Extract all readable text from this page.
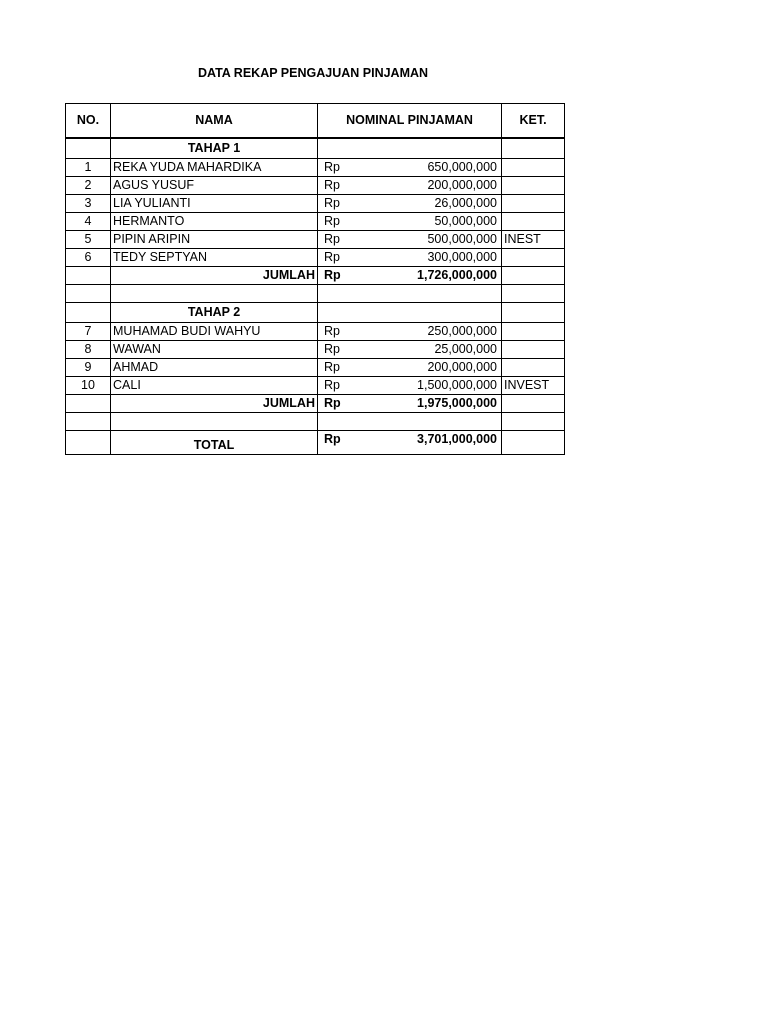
DATA REKAP PENGAJUAN PINJAMAN
NO.	NAMA	NOMINAL PINJAMAN	KET.
	TAHAP 1		
1	REKA YUDA MAHARDIKA	Rp 650,000,000	

2	AGUS YUSUF	Rp 200,000,000	

3	LIA YULIANTI	Rp 26,000,000	

4	HERMANTO	Rp 50,000,000	

5	PIPIN ARIPIN	Rp 500,000,000	INEST
6	TEDY SEPTYAN	Rp 300,000,000	

	JUMLAH	Rp 1,726,000,000	

	TAHAP 2		
7	MUHAMAD BUDI WAHYU	Rp 250,000,000	

8	WAWAN	Rp 25,000,000	

9	AHMAD	Rp 200,000,000	

10	CALI	Rp 1,500,000,000	INVEST
	JUMLAH	Rp 1,975,000,000	

	TOTAL	Rp 3,701,000,000	
